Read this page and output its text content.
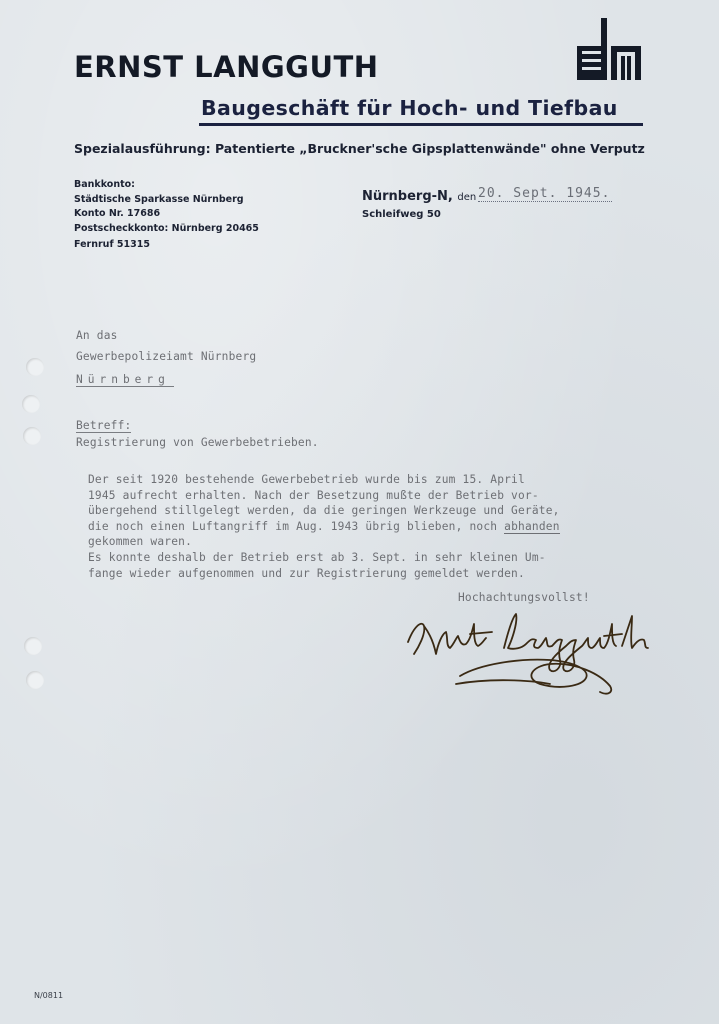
ERNST LANGGUTH
Baugeschäft für Hoch- und Tiefbau
Spezialausführung: Patentierte „Bruckner'sche Gipsplattenwände" ohne Verputz
Bankkonto:
Städtische Sparkasse Nürnberg
Konto Nr. 17686
Postscheckkonto: Nürnberg 20465
Fernruf 51315
Nürnberg-N, den 20. Sept. 1945.
Schleifweg 50
An das
Gewerbepolizeiamt Nürnberg
Nürnberg
Betreff:
Registrierung von Gewerbebetrieben.
Der seit 1920 bestehende Gewerbebetrieb wurde bis zum 15. April
1945 aufrecht erhalten. Nach der Besetzung mußte der Betrieb vor-
übergehend stillgelegt werden, da die geringen Werkzeuge und Geräte,
die noch einen Luftangriff im Aug. 1943 übrig blieben, noch abhanden
gekommen waren.
Es konnte deshalb der Betrieb erst ab 3. Sept. in sehr kleinen Um-
fange wieder aufgenommen und zur Registrierung gemeldet werden.
Hochachtungsvollst!
N/0811
